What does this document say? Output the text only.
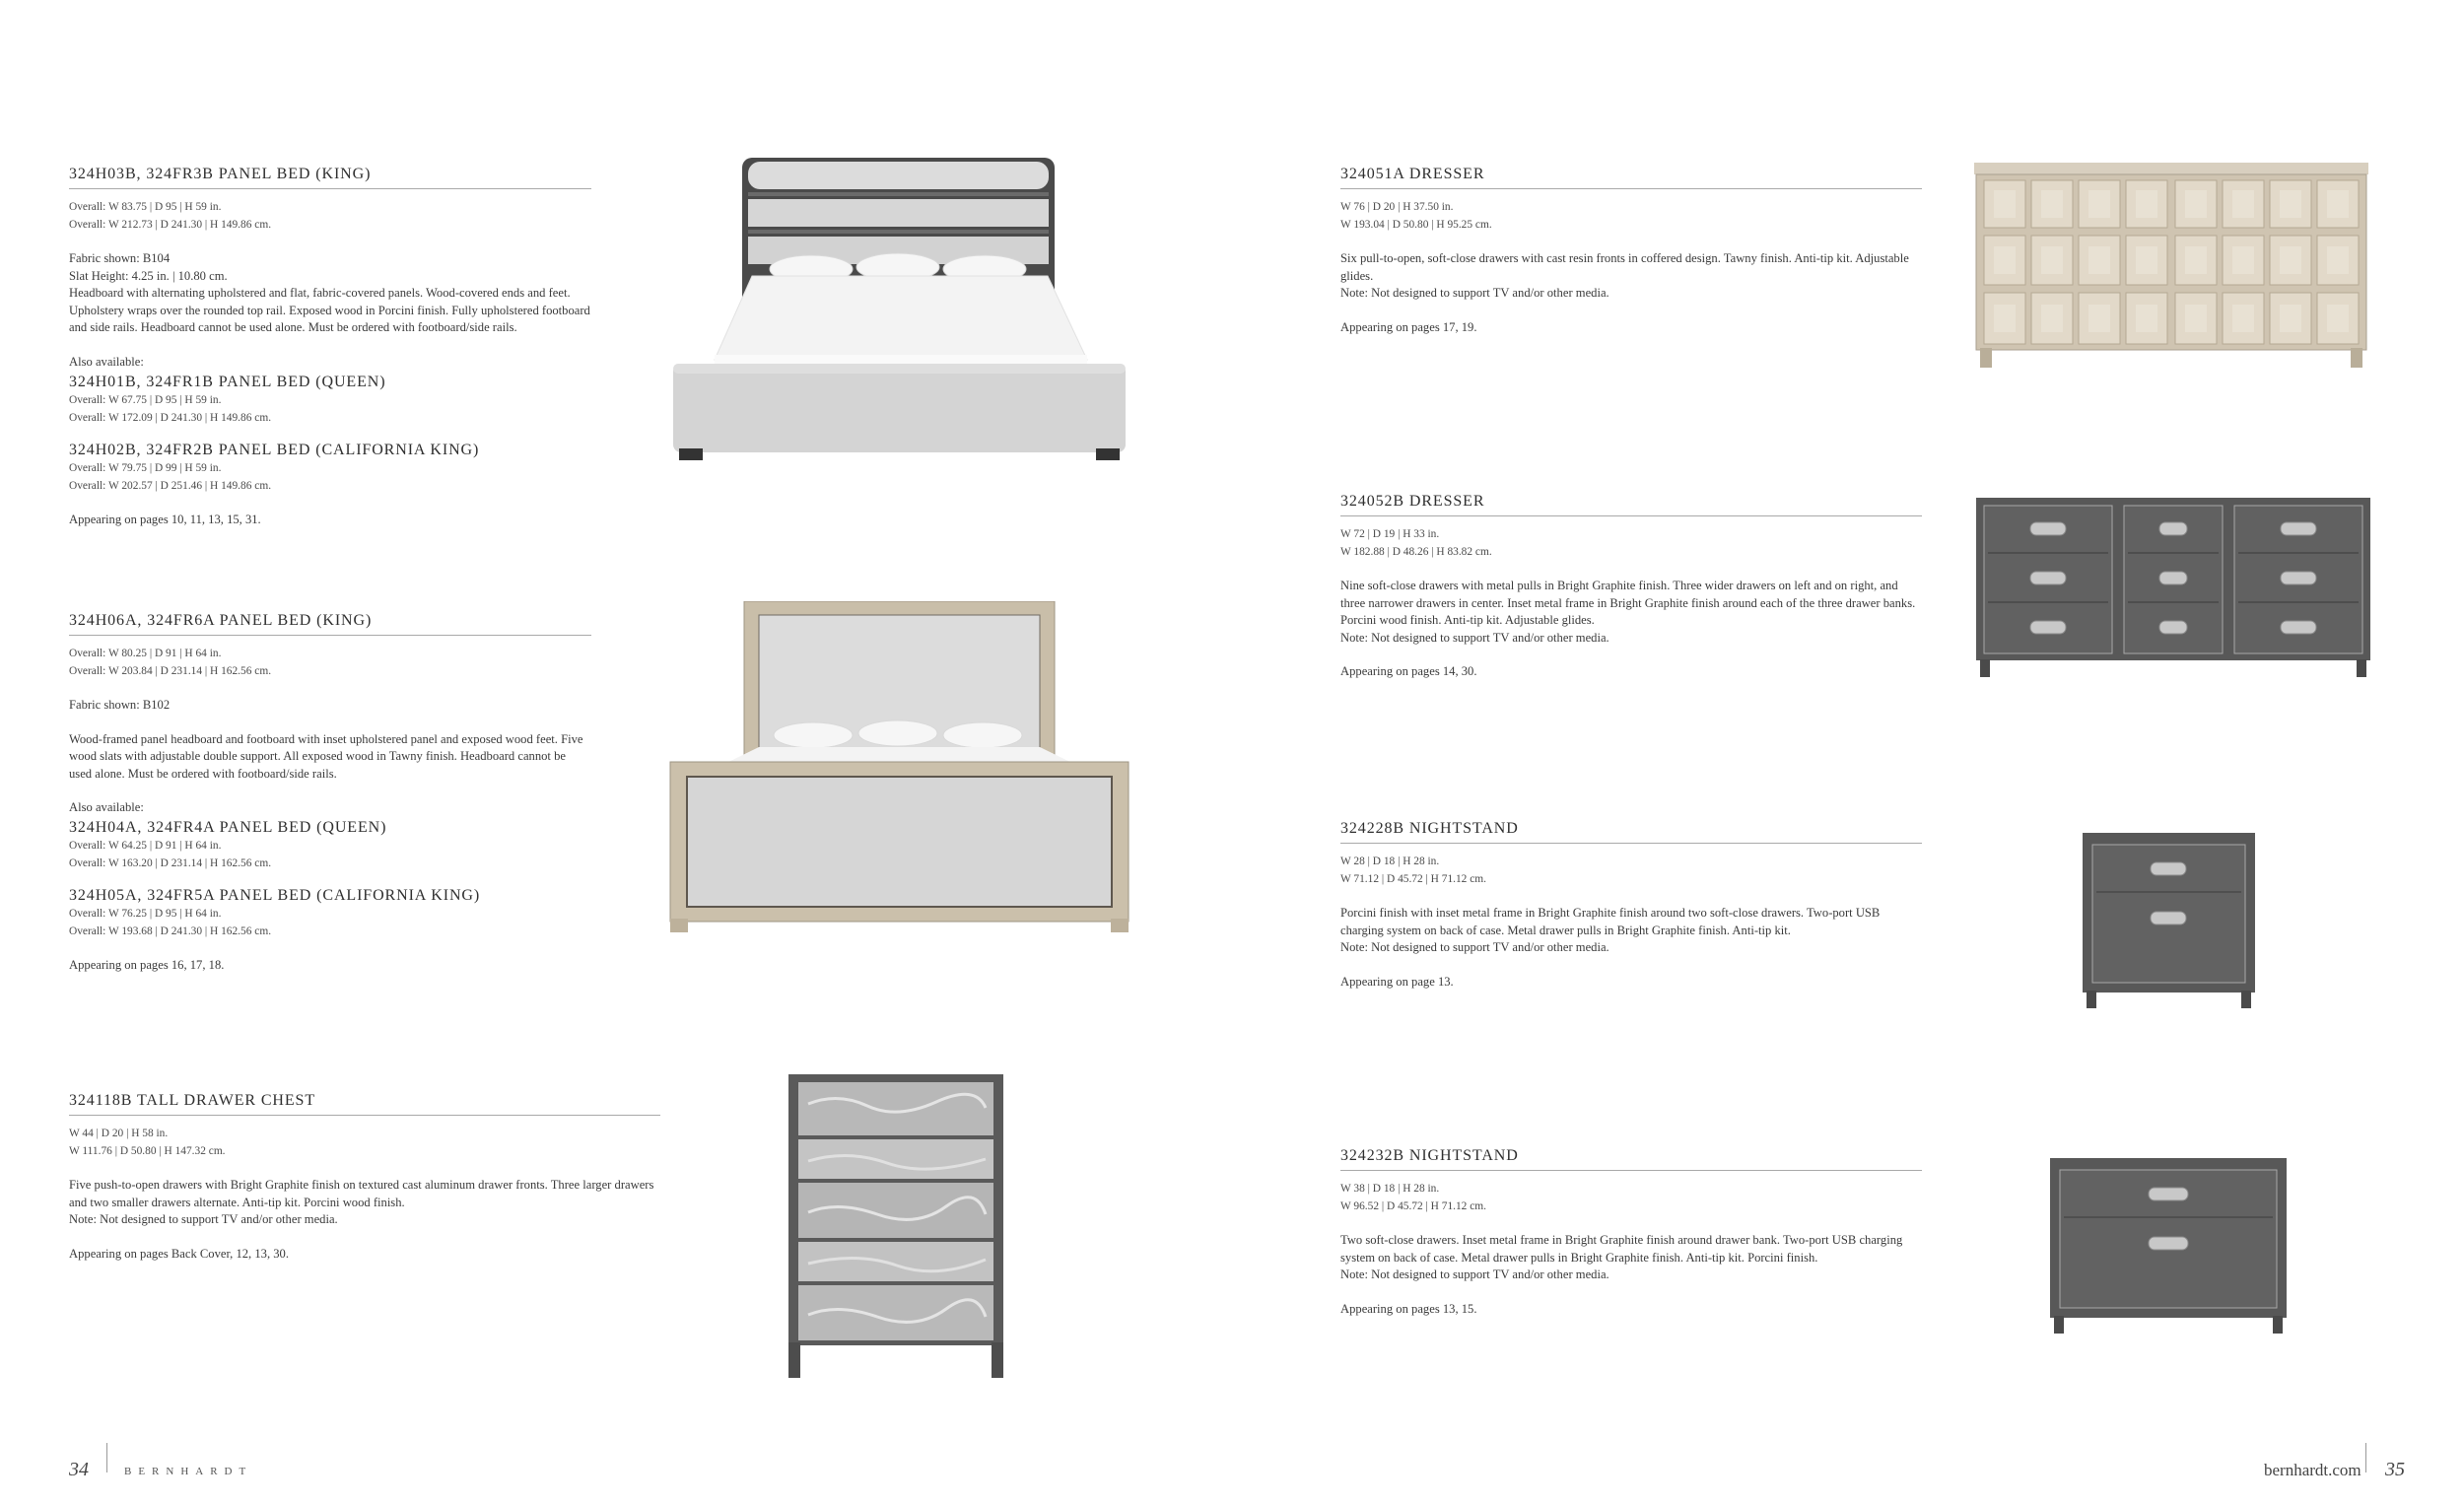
324H03B, 324FR3B PANEL BED (KING)
Overall: W 83.75 | D 95 | H 59 in.
Overall: W 212.73 | D 241.30 | H 149.86 cm.
Fabric shown: B104
Slat Height: 4.25 in. | 10.80 cm.
Headboard with alternating upholstered and flat, fabric-covered panels. Wood-covered ends and feet. Upholstery wraps over the rounded top rail. Exposed wood in Porcini finish. Fully upholstered footboard and side rails. Headboard cannot be used alone. Must be ordered with footboard/side rails.
Also available:
324H01B, 324FR1B PANEL BED (QUEEN)
Overall: W 67.75 | D 95 | H 59 in.
Overall: W 172.09 | D 241.30 | H 149.86 cm.
324H02B, 324FR2B PANEL BED (CALIFORNIA KING)
Overall: W 79.75 | D 99 | H 59 in.
Overall: W 202.57 | D 251.46 | H 149.86 cm.
Appearing on pages 10, 11, 13, 15, 31.
324H06A, 324FR6A PANEL BED (KING)
Overall: W 80.25 | D 91 | H 64 in.
Overall: W 203.84 | D 231.14 | H 162.56 cm.
Fabric shown: B102
Wood-framed panel headboard and footboard with inset upholstered panel and exposed wood feet. Five wood slats with adjustable double support. All exposed wood in Tawny finish. Headboard cannot be used alone. Must be ordered with footboard/side rails.
Also available:
324H04A, 324FR4A PANEL BED (QUEEN)
Overall: W 64.25 | D 91 | H 64 in.
Overall: W 163.20 | D 231.14 | H 162.56 cm.
324H05A, 324FR5A PANEL BED (CALIFORNIA KING)
Overall: W 76.25 | D 95 | H 64 in.
Overall: W 193.68 | D 241.30 | H 162.56 cm.
Appearing on pages 16, 17, 18.
324118B TALL DRAWER CHEST
W 44 | D 20 | H 58 in.
W 111.76 | D 50.80 | H 147.32 cm.
Five push-to-open drawers with Bright Graphite finish on textured cast aluminum drawer fronts. Three larger drawers and two smaller drawers alternate. Anti-tip kit. Porcini wood finish.
Note: Not designed to support TV and/or other media.
Appearing on pages Back Cover, 12, 13, 30.
324051A DRESSER
W 76 | D 20 | H 37.50 in.
W 193.04 | D 50.80 | H 95.25 cm.
Six pull-to-open, soft-close drawers with cast resin fronts in coffered design. Tawny finish. Anti-tip kit. Adjustable glides.
Note: Not designed to support TV and/or other media.
Appearing on pages 17, 19.
324052B DRESSER
W 72 | D 19 | H 33 in.
W 182.88 | D 48.26 | H 83.82 cm.
Nine soft-close drawers with metal pulls in Bright Graphite finish. Three wider drawers on left and on right, and three narrower drawers in center. Inset metal frame in Bright Graphite finish around each of the three drawer banks. Porcini wood finish. Anti-tip kit. Adjustable glides.
Note: Not designed to support TV and/or other media.
Appearing on pages 14, 30.
324228B NIGHTSTAND
W 28 | D 18 | H 28 in.
W 71.12 | D 45.72 | H 71.12 cm.
Porcini finish with inset metal frame in Bright Graphite finish around two soft-close drawers. Two-port USB charging system on back of case. Metal drawer pulls in Bright Graphite finish. Anti-tip kit.
Note: Not designed to support TV and/or other media.
Appearing on page 13.
324232B NIGHTSTAND
W 38 | D 18 | H 28 in.
W 96.52 | D 45.72 | H 71.12 cm.
Two soft-close drawers. Inset metal frame in Bright Graphite finish around drawer bank. Two-port USB charging system on back of case. Metal drawer pulls in Bright Graphite finish. Anti-tip kit. Porcini finish.
Note: Not designed to support TV and/or other media.
Appearing on pages 13, 15.
34	BERNHARDT	bernhardt.com 35
